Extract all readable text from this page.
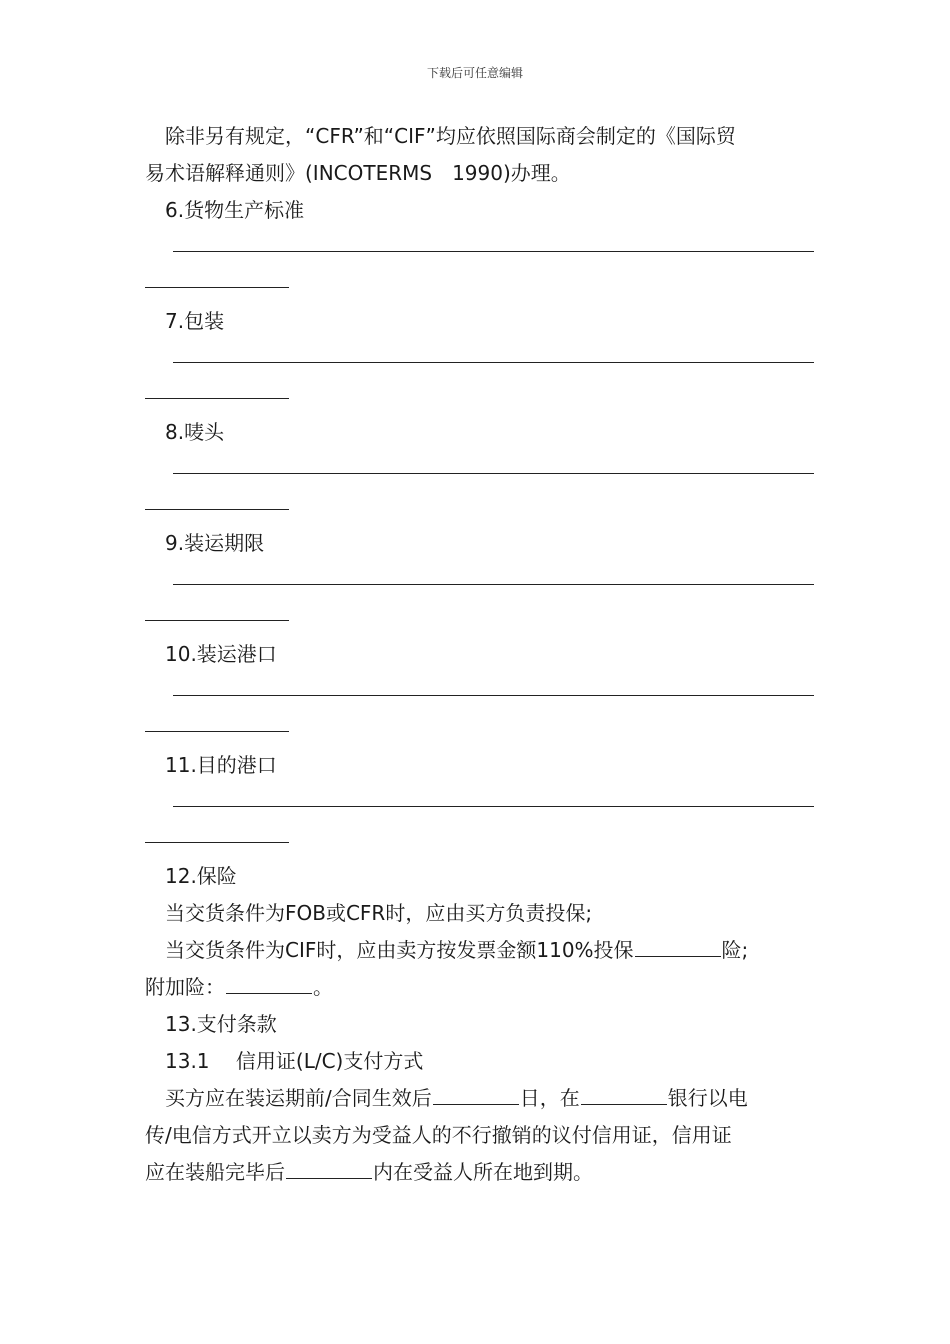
下载后可任意编辑

除非另有规定，“CFR”和“CIF”均应依照国际商会制定的《国际贸

易术语解释通则》(INCOTERMS　1990)办理。

6.货物生产标准

7.包装

8.唛头

9.装运期限

10.装运港口

11.目的港口

12.保险

当交货条件为FOB或CFR时，应由买方负责投保;

当交货条件为CIF时，应由卖方按发票金额110%投保	险;

附加险：	。

13.支付条款

13.1　 信用证(L/C)支付方式

买方应在装运期前/合同生效后	日，在	银行以电

传/电信方式开立以卖方为受益人的不行撤销的议付信用证，信用证

应在装船完毕后	内在受益人所在地到期。
